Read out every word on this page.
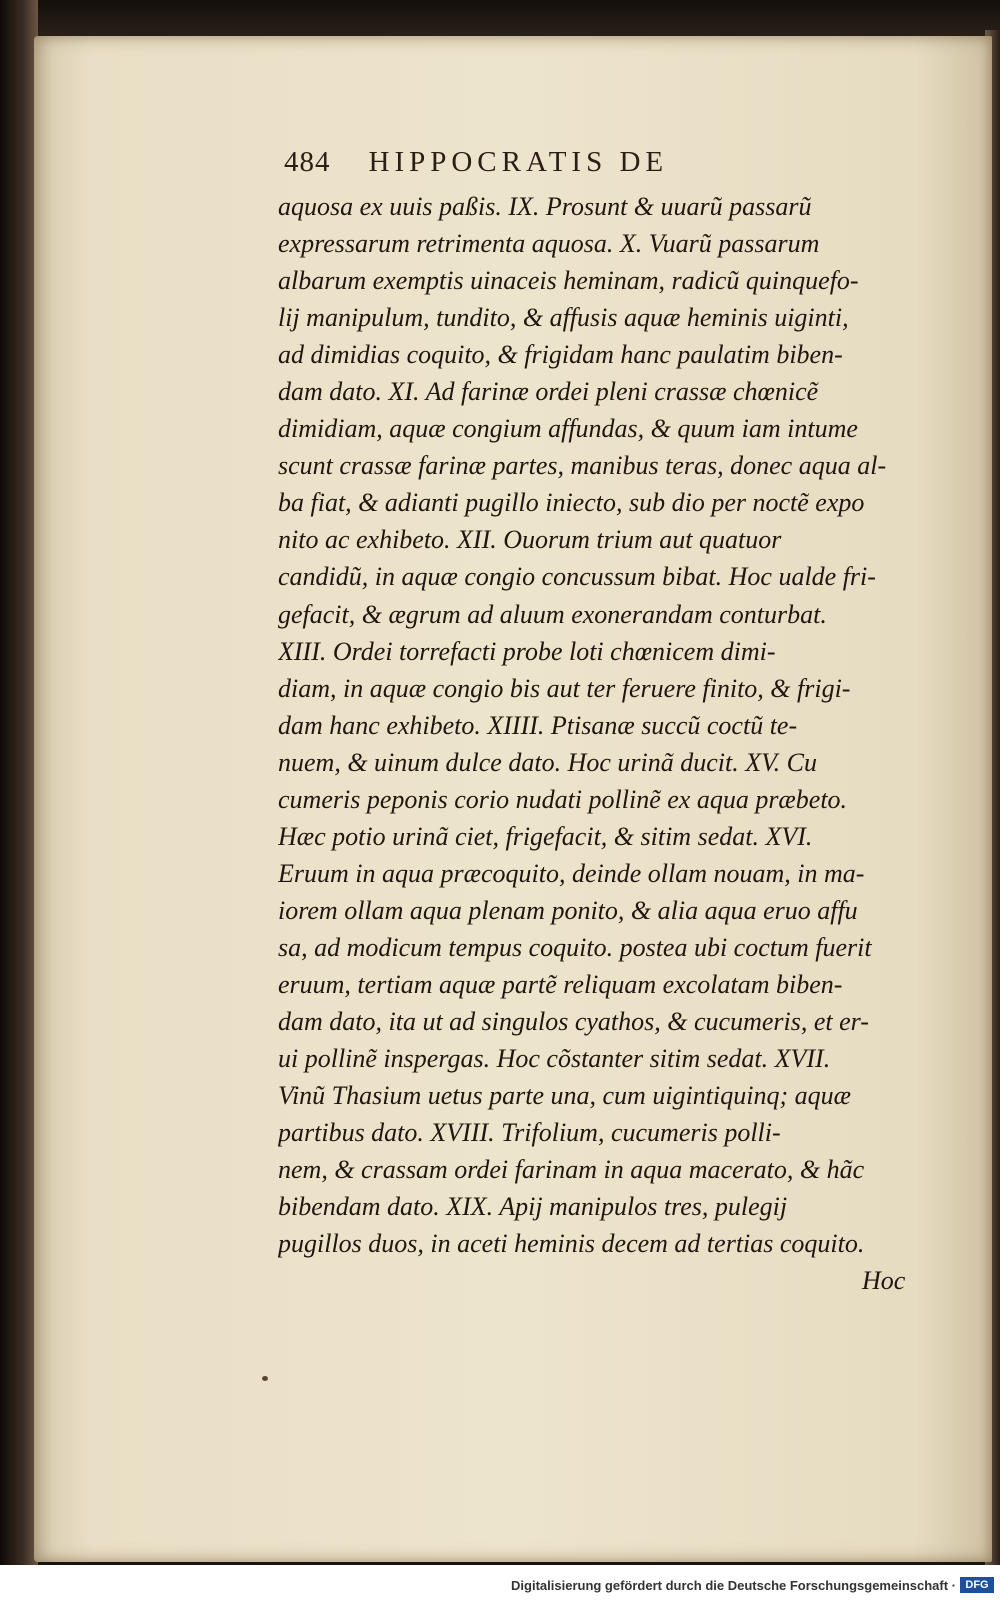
484 HIPPOCRATIS DE
aquosa ex uuis paßis. IX. Prosunt & uuarũ passarũ
expressarum retrimenta aquosa. X. Vuarũ passarum
albarum exemptis uinaceis heminam, radicũ quinquefo-
lij manipulum, tundito, & affusis aquæ heminis uiginti,
ad dimidias coquito, & frigidam hanc paulatim biben-
dam dato. XI. Ad farinæ ordei pleni crassæ chœnicẽ
dimidiam, aquæ congium affundas, & quum iam intume
scunt crassæ farinæ partes, manibus teras, donec aqua al-
ba fiat, & adianti pugillo iniecto, sub dio per noctẽ expo
nito ac exhibeto. XII. Ouorum trium aut quatuor
candidũ, in aquæ congio concussum bibat. Hoc ualde fri-
gefacit, & ægrum ad aluum exonerandam conturbat.
XIII. Ordei torrefacti probe loti chœnicem dimi-
diam, in aquæ congio bis aut ter feruere finito, & frigi-
dam hanc exhibeto. XIIII. Ptisanæ succũ coctũ te-
nuem, & uinum dulce dato. Hoc urinã ducit. XV. Cu
cumeris peponis corio nudati pollinẽ ex aqua præbeto.
Hæc potio urinã ciet, frigefacit, & sitim sedat. XVI.
Eruum in aqua præcoquito, deinde ollam nouam, in ma-
iorem ollam aqua plenam ponito, & alia aqua eruo affu
sa, ad modicum tempus coquito. postea ubi coctum fuerit
eruum, tertiam aquæ partẽ reliquam excolatam biben-
dam dato, ita ut ad singulos cyathos, & cucumeris, et er-
ui pollinẽ inspergas. Hoc cõstanter sitim sedat. XVII.
Vinũ Thasium uetus parte una, cum uigintiquinq; aquæ
partibus dato. XVIII. Trifolium, cucumeris polli-
nem, & crassam ordei farinam in aqua macerato, & hãc
bibendam dato. XIX. Apij manipulos tres, pulegij
pugillos duos, in aceti heminis decem ad tertias coquito.
Hoc
Digitalisierung gefördert durch die Deutsche Forschungsgemeinschaft · DFG
